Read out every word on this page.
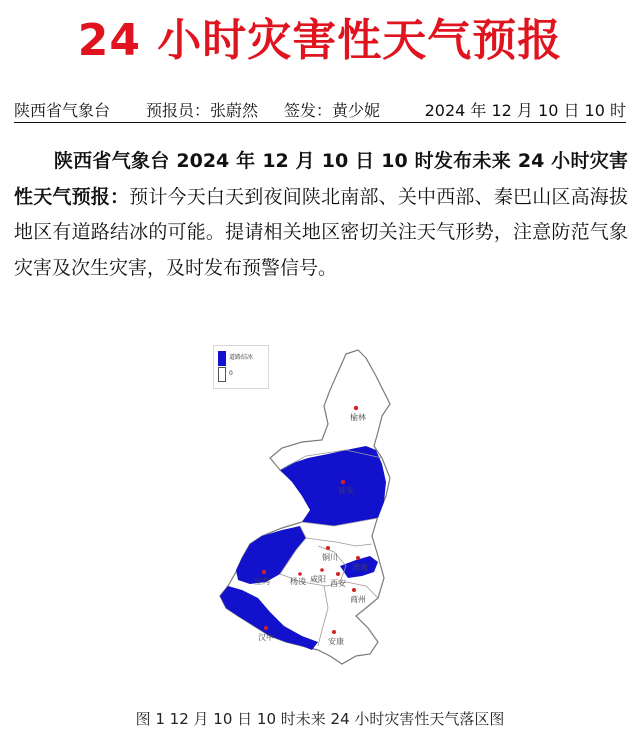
24 小时灾害性天气预报
陕西省气象台 预报员：张蔚然 签发：黄少妮	2024 年 12 月 10 日 10 时
陕西省气象台 2024 年 12 月 10 日 10 时发布未来 24 小时灾害性天气预报：预计今天白天到夜间陕北南部、关中西部、秦巴山区高海拔地区有道路结冰的可能。提请相关地区密切关注天气形势，注意防范气象灾害及次生灾害，及时发布预警信号。
榆林
延安
铜川
宝鸡	杨凌 咸阳 西安
渭南
商州
汉中	安康
道路结冰
0
图 1 12 月 10 日 10 时未来 24 小时灾害性天气落区图
